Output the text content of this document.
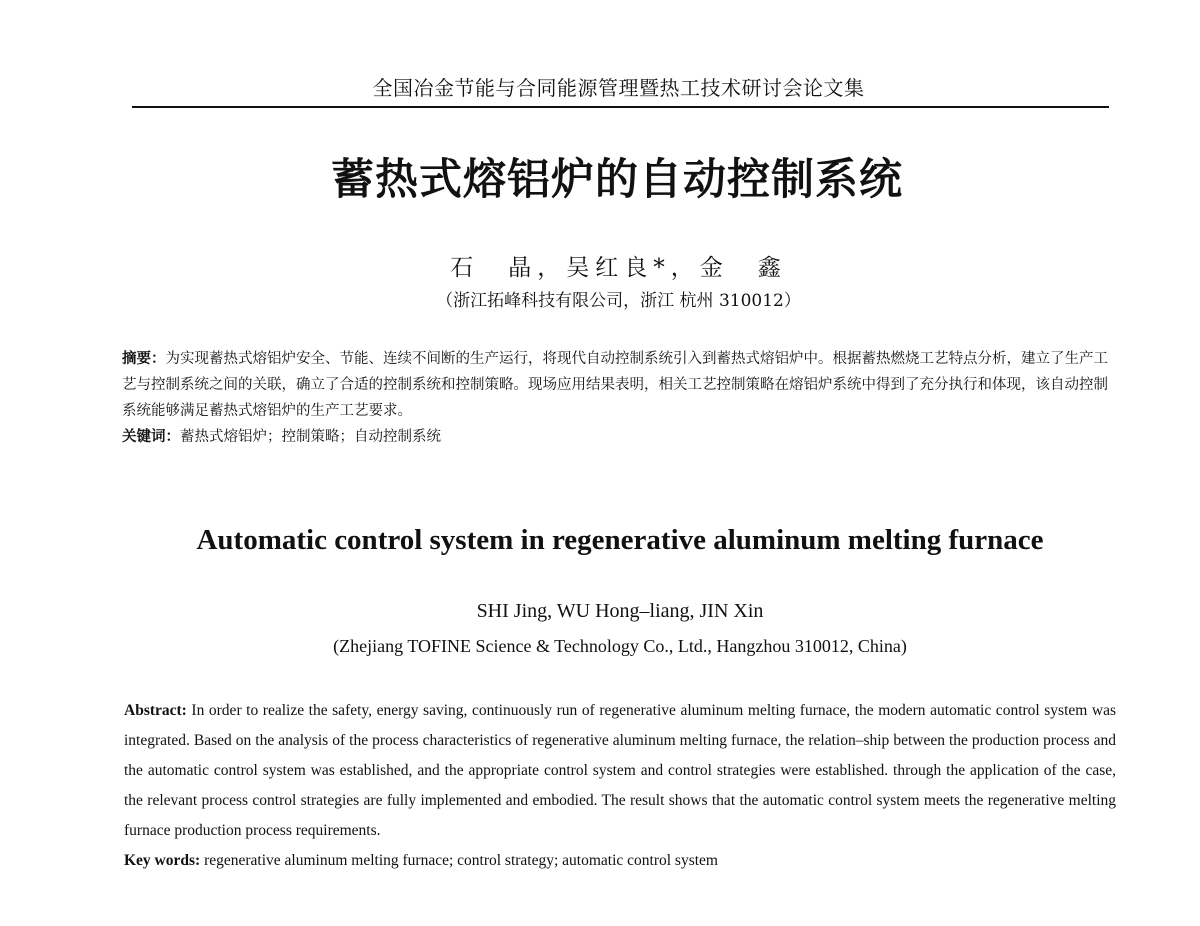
全国冶金节能与合同能源管理暨热工技术研讨会论文集
蓄热式熔铝炉的自动控制系统
石　晶，吴红良*，金　鑫
（浙江拓峰科技有限公司，浙江 杭州 310012）

摘要：为实现蓄热式熔铝炉安全、节能、连续不间断的生产运行，将现代自动控制系统引入到蓄热式熔铝炉中。根据蓄热燃烧工艺特点分析，建立了生产工艺与控制系统之间的关联，确立了合适的控制系统和控制策略。现场应用结果表明，相关工艺控制策略在熔铝炉系统中得到了充分执行和体现，该自动控制系统能够满足蓄热式熔铝炉的生产工艺要求。

关键词：蓄热式熔铝炉；控制策略；自动控制系统

Automatic control system in regenerative aluminum melting furnace
SHI Jing, WU Hong–liang, JIN Xin
(Zhejiang TOFINE Science & Technology Co., Ltd., Hangzhou 310012, China)

Abstract: In order to realize the safety, energy saving, continuously run of regenerative aluminum melting furnace, the modern automatic control system was integrated. Based on the analysis of the process characteristics of regenerative aluminum melting furnace, the relation–ship between the production process and the automatic control system was established, and the appropriate control system and control strategies were established. through the application of the case, the relevant process control strategies are fully implemented and embodied. The result shows that the automatic control system meets the regenerative melting furnace production process requirements.

Key words: regenerative aluminum melting furnace; control strategy; automatic control system
